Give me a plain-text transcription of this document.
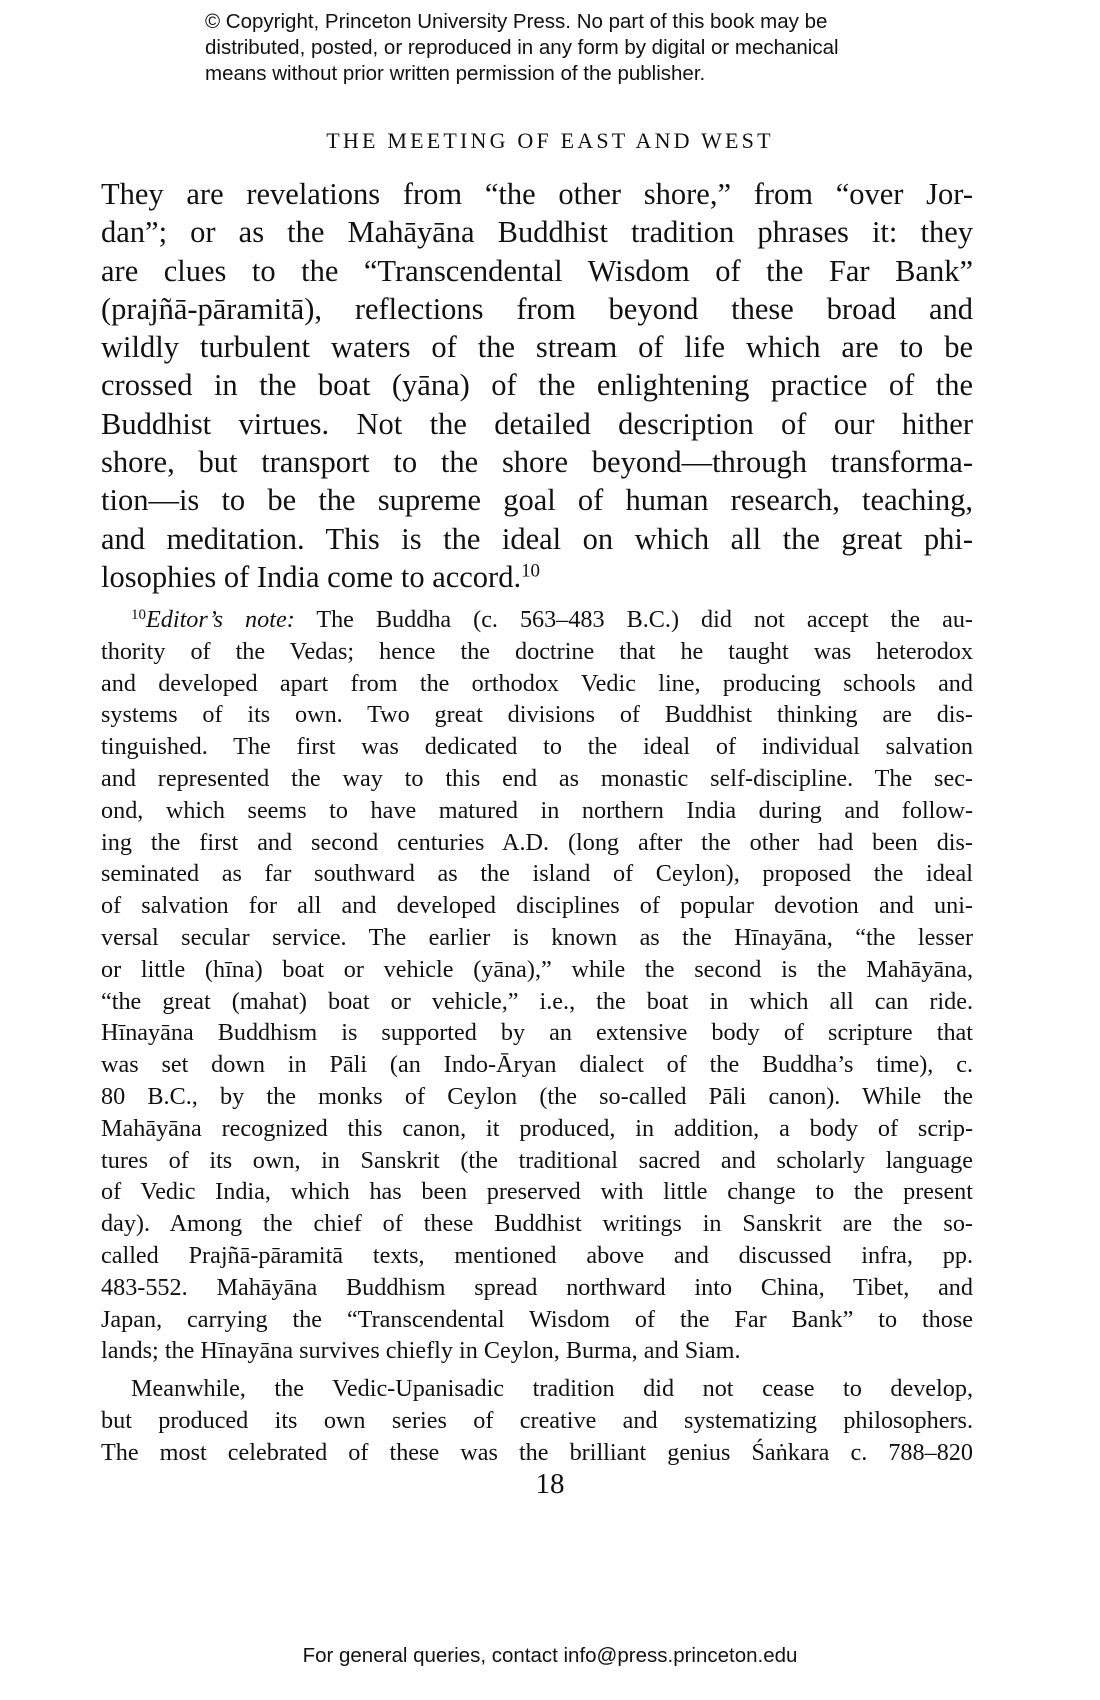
© Copyright, Princeton University Press. No part of this book may be
distributed, posted, or reproduced in any form by digital or mechanical
means without prior written permission of the publisher.
THE MEETING OF EAST AND WEST
They are revelations from “the other shore,” from “over Jor-
dan”; or as the Mahāyāna Buddhist tradition phrases it: they
are clues to the “Transcendental Wisdom of the Far Bank”
(prajñā-pāramitā), reflections from beyond these broad and
wildly turbulent waters of the stream of life which are to be
crossed in the boat (yāna) of the enlightening practice of the
Buddhist virtues. Not the detailed description of our hither
shore, but transport to the shore beyond—through transforma-
tion—is to be the supreme goal of human research, teaching,
and meditation. This is the ideal on which all the great phi-
losophies of India come to accord.$^{10}$
$^{10}$Editor’s note: The Buddha (c. 563–483 B.C.) did not accept the au-
thority of the Vedas; hence the doctrine that he taught was heterodox
and developed apart from the orthodox Vedic line, producing schools and
systems of its own. Two great divisions of Buddhist thinking are dis-
tinguished. The first was dedicated to the ideal of individual salvation
and represented the way to this end as monastic self-discipline. The sec-
ond, which seems to have matured in northern India during and follow-
ing the first and second centuries A.D. (long after the other had been dis-
seminated as far southward as the island of Ceylon), proposed the ideal
of salvation for all and developed disciplines of popular devotion and uni-
versal secular service. The earlier is known as the Hīnayāna, “the lesser
or little (hīna) boat or vehicle (yāna),” while the second is the Mahāyāna,
“the great (mahat) boat or vehicle,” i.e., the boat in which all can ride.
Hīnayāna Buddhism is supported by an extensive body of scripture that
was set down in Pāli (an Indo-Āryan dialect of the Buddha’s time), c.
80 B.C., by the monks of Ceylon (the so-called Pāli canon). While the
Mahāyāna recognized this canon, it produced, in addition, a body of scrip-
tures of its own, in Sanskrit (the traditional sacred and scholarly language
of Vedic India, which has been preserved with little change to the present
day). Among the chief of these Buddhist writings in Sanskrit are the so-
called Prajñā-pāramitā texts, mentioned above and discussed infra, pp.
483-552. Mahāyāna Buddhism spread northward into China, Tibet, and
Japan, carrying the “Transcendental Wisdom of the Far Bank” to those
lands; the Hīnayāna survives chiefly in Ceylon, Burma, and Siam.
Meanwhile, the Vedic-Upanisadic tradition did not cease to develop,
but produced its own series of creative and systematizing philosophers.
The most celebrated of these was the brilliant genius Śaṅkara c. 788–820
18
For general queries, contact info@press.princeton.edu
